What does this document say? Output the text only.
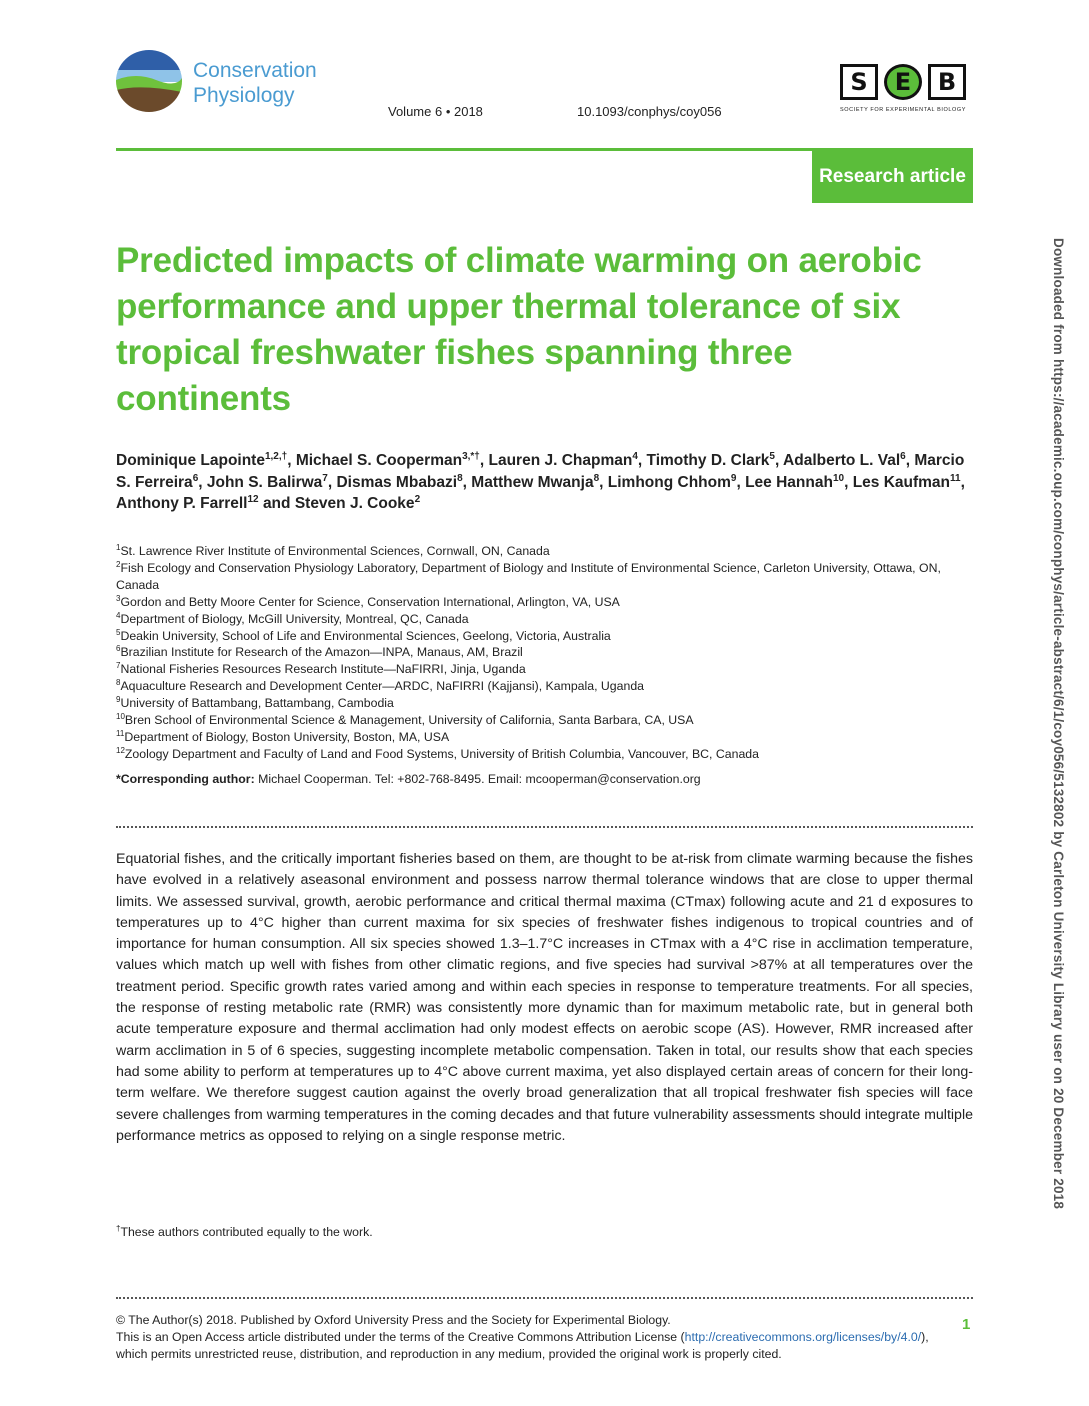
Conservation
Physiology
Volume 6 • 2018	10.1093/conphys/coy056
S	E	B
SOCIETY FOR EXPERIMENTAL BIOLOGY
Research article
Predicted impacts of climate warming on aerobic performance and upper thermal tolerance of six tropical freshwater fishes spanning three continents
Dominique Lapointe$^{1,2,\dagger}$, Michael S. Cooperman$^{3,*\dagger}$, Lauren J. Chapman$^4$, Timothy D. Clark$^5$, Adalberto L. Val$^6$, Marcio S. Ferreira$^6$, John S. Balirwa$^7$, Dismas Mbabazi$^8$, Matthew Mwanja$^8$, Limhong Chhom$^9$, Lee Hannah$^{10}$, Les Kaufman$^{11}$, Anthony P. Farrell$^{12}$ and Steven J. Cooke$^2$
$^1$St. Lawrence River Institute of Environmental Sciences, Cornwall, ON, Canada
$^2$Fish Ecology and Conservation Physiology Laboratory, Department of Biology and Institute of Environmental Science, Carleton University, Ottawa, ON, Canada
$^3$Gordon and Betty Moore Center for Science, Conservation International, Arlington, VA, USA
$^4$Department of Biology, McGill University, Montreal, QC, Canada
$^5$Deakin University, School of Life and Environmental Sciences, Geelong, Victoria, Australia
$^6$Brazilian Institute for Research of the Amazon—INPA, Manaus, AM, Brazil
$^7$National Fisheries Resources Research Institute—NaFIRRI, Jinja, Uganda
$^8$Aquaculture Research and Development Center—ARDC, NaFIRRI (Kajjansi), Kampala, Uganda
$^9$University of Battambang, Battambang, Cambodia
$^{10}$Bren School of Environmental Science & Management, University of California, Santa Barbara, CA, USA
$^{11}$Department of Biology, Boston University, Boston, MA, USA
$^{12}$Zoology Department and Faculty of Land and Food Systems, University of British Columbia, Vancouver, BC, Canada
*Corresponding author: Michael Cooperman. Tel: +802-768-8495. Email: mcooperman@conservation.org

Equatorial fishes, and the critically important fisheries based on them, are thought to be at-risk from climate warming because the fishes have evolved in a relatively aseasonal environment and possess narrow thermal tolerance windows that are close to upper thermal limits. We assessed survival, growth, aerobic performance and critical thermal maxima (CTmax) following acute and 21 d exposures to temperatures up to 4°C higher than current maxima for six species of freshwater fishes indigenous to tropical countries and of importance for human consumption. All six species showed 1.3–1.7°C increases in CTmax with a 4°C rise in acclimation temperature, values which match up well with fishes from other climatic regions, and five species had survival >87% at all temperatures over the treatment period. Specific growth rates varied among and within each species in response to temperature treatments. For all species, the response of resting metabolic rate (RMR) was consistently more dynamic than for maximum metabolic rate, but in general both acute temperature exposure and thermal acclimation had only modest effects on aerobic scope (AS). However, RMR increased after warm acclimation in 5 of 6 species, suggesting incomplete metabolic compensation. Taken in total, our results show that each species had some ability to perform at temperatures up to 4°C above current maxima, yet also displayed certain areas of concern for their long-term welfare. We therefore suggest caution against the overly broad generalization that all tropical freshwater fish species will face severe challenges from warming temperatures in the coming decades and that future vulnerability assessments should integrate multiple performance metrics as opposed to relying on a single response metric.

†These authors contributed equally to the work.
© The Author(s) 2018. Published by Oxford University Press and the Society for Experimental Biology.
This is an Open Access article distributed under the terms of the Creative Commons Attribution License (http://creativecommons.org/licenses/by/4.0/), which permits unrestricted reuse, distribution, and reproduction in any medium, provided the original work is properly cited.
1
Downloaded from https://academic.oup.com/conphys/article-abstract/6/1/coy056/5132802 by Carleton University Library user on 20 December 2018
